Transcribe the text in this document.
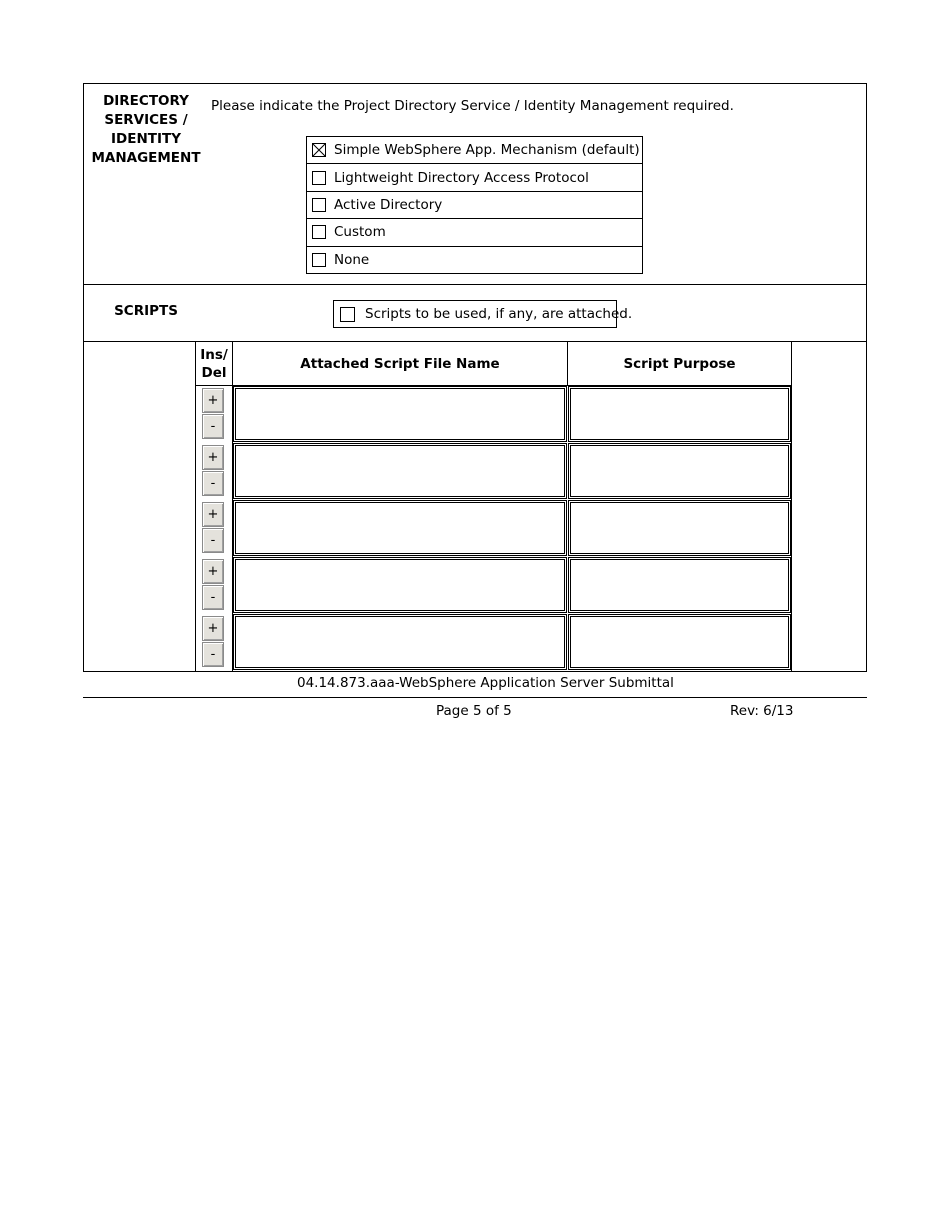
DIRECTORY
SERVICES /
IDENTITY
MANAGEMENT
Please indicate the Project Directory Service / Identity Management required.
Simple WebSphere App. Mechanism (default)
Lightweight Directory Access Protocol
Active Directory
Custom
None
SCRIPTS	Scripts to be used, if any, are attached.
Ins/
Del
Attached Script File Name	Script Purpose
+
-
+
-
+
-
+
-
+
-
04.14.873.aaa-WebSphere Application Server Submittal
Page 5 of 5	Rev: 6/13
